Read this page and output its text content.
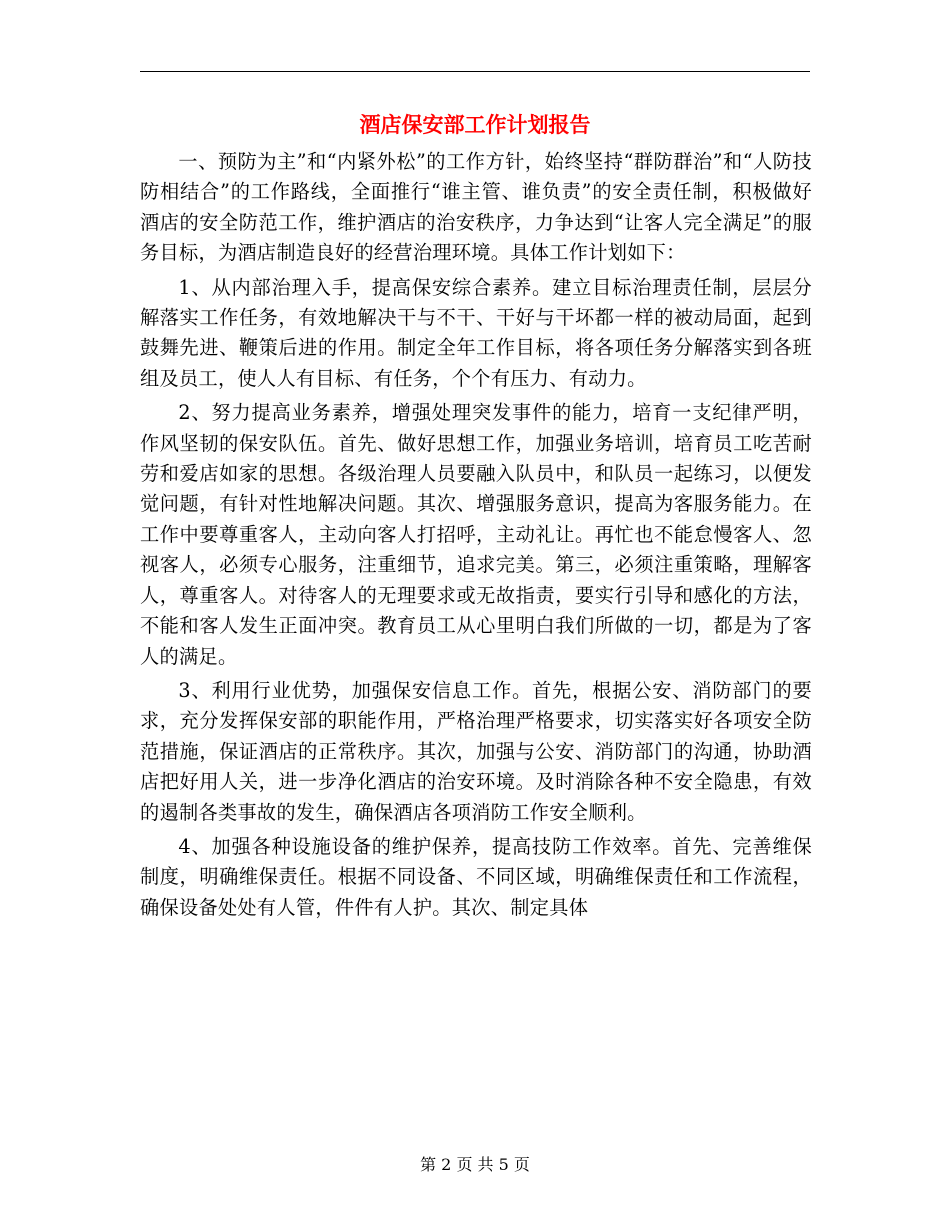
酒店保安部工作计划报告

一、预防为主”和“内紧外松”的工作方针，始终坚持“群防群治”和“人防技防相结合”的工作路线，全面推行“谁主管、谁负责”的安全责任制，积极做好酒店的安全防范工作，维护酒店的治安秩序，力争达到“让客人完全满足”的服务目标，为酒店制造良好的经营治理环境。具体工作计划如下：

1、从内部治理入手，提高保安综合素养。建立目标治理责任制，层层分解落实工作任务，有效地解决干与不干、干好与干坏都一样的被动局面，起到鼓舞先进、鞭策后进的作用。制定全年工作目标，将各项任务分解落实到各班组及员工，使人人有目标、有任务，个个有压力、有动力。

2、努力提高业务素养，增强处理突发事件的能力，培育一支纪律严明，作风坚韧的保安队伍。首先、做好思想工作，加强业务培训，培育员工吃苦耐劳和爱店如家的思想。各级治理人员要融入队员中，和队员一起练习，以便发觉问题，有针对性地解决问题。其次、增强服务意识，提高为客服务能力。在工作中要尊重客人，主动向客人打招呼，主动礼让。再忙也不能怠慢客人、忽视客人，必须专心服务，注重细节，追求完美。第三，必须注重策略，理解客人，尊重客人。对待客人的无理要求或无故指责，要实行引导和感化的方法，不能和客人发生正面冲突。教育员工从心里明白我们所做的一切，都是为了客人的满足。

3、利用行业优势，加强保安信息工作。首先，根据公安、消防部门的要求，充分发挥保安部的职能作用，严格治理严格要求，切实落实好各项安全防范措施，保证酒店的正常秩序。其次，加强与公安、消防部门的沟通，协助酒店把好用人关，进一步净化酒店的治安环境。及时消除各种不安全隐患，有效的遏制各类事故的发生，确保酒店各项消防工作安全顺利。

4、加强各种设施设备的维护保养，提高技防工作效率。首先、完善维保制度，明确维保责任。根据不同设备、不同区域，明确维保责任和工作流程，确保设备处处有人管，件件有人护。其次、制定具体

第 2 页 共 5 页
